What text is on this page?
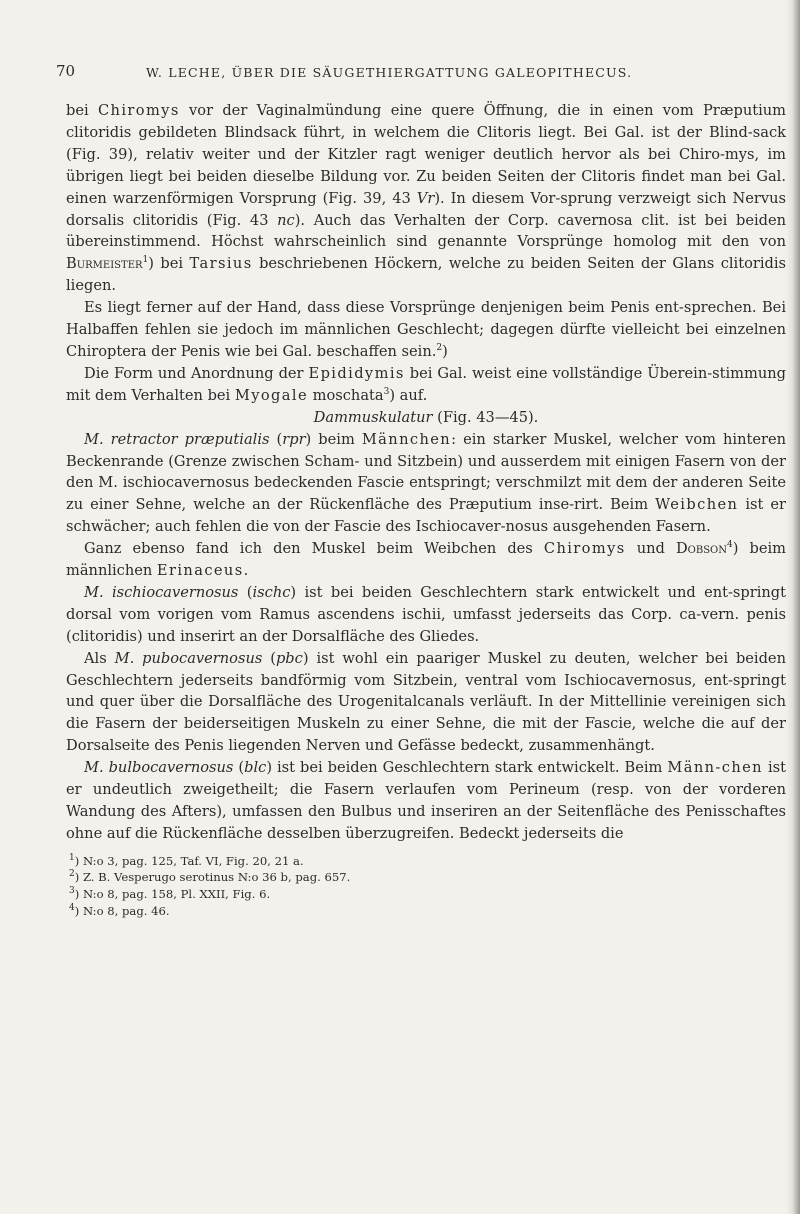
70	W. LECHE, ÜBER DIE SÄUGETHIERGATTUNG GALEOPITHECUS.

bei Chiromys vor der Vaginalmündung eine quere Öffnung, die in einen vom Præputium clitoridis gebildeten Blindsack führt, in welchem die Clitoris liegt. Bei Gal. ist der Blind-sack (Fig. 39), relativ weiter und der Kitzler ragt weniger deutlich hervor als bei Chiro-mys, im übrigen liegt bei beiden dieselbe Bildung vor. Zu beiden Seiten der Clitoris findet man bei Gal. einen warzenförmigen Vorsprung (Fig. 39, 43 Vr). In diesem Vor-sprung verzweigt sich Nervus dorsalis clitoridis (Fig. 43 nc). Auch das Verhalten der Corp. cavernosa clit. ist bei beiden übereinstimmend. Höchst wahrscheinlich sind genannte Vorsprünge homolog mit den von Burmeister$^1$) bei Tarsius beschriebenen Höckern, welche zu beiden Seiten der Glans clitoridis liegen.

Es liegt ferner auf der Hand, dass diese Vorsprünge denjenigen beim Penis ent-sprechen. Bei Halbaffen fehlen sie jedoch im männlichen Geschlecht; dagegen dürfte vielleicht bei einzelnen Chiroptera der Penis wie bei Gal. beschaffen sein.$^2$)

Die Form und Anordnung der Epididymis bei Gal. weist eine vollständige Überein-stimmung mit dem Verhalten bei Myogale moschata$^3$) auf.

Dammuskulatur (Fig. 43—45).

M. retractor præputialis (rpr) beim Männchen: ein starker Muskel, welcher vom hinteren Beckenrande (Grenze zwischen Scham- und Sitzbein) und ausserdem mit einigen Fasern von der den M. ischiocavernosus bedeckenden Fascie entspringt; verschmilzt mit dem der anderen Seite zu einer Sehne, welche an der Rückenfläche des Præputium inse-rirt. Beim Weibchen ist er schwächer; auch fehlen die von der Fascie des Ischiocaver-nosus ausgehenden Fasern.

Ganz ebenso fand ich den Muskel beim Weibchen des Chiromys und Dobson$^4$) beim männlichen Erinaceus.

M. ischiocavernosus (ischc) ist bei beiden Geschlechtern stark entwickelt und ent-springt dorsal vom vorigen vom Ramus ascendens ischii, umfasst jederseits das Corp. ca-vern. penis (clitoridis) und inserirt an der Dorsalfläche des Gliedes.

Als M. pubocavernosus (pbc) ist wohl ein paariger Muskel zu deuten, welcher bei beiden Geschlechtern jederseits bandförmig vom Sitzbein, ventral vom Ischiocavernosus, ent-springt und quer über die Dorsalfläche des Urogenitalcanals verläuft. In der Mittellinie vereinigen sich die Fasern der beiderseitigen Muskeln zu einer Sehne, die mit der Fascie, welche die auf der Dorsalseite des Penis liegenden Nerven und Gefässe bedeckt, zusammenhängt.

M. bulbocavernosus (blc) ist bei beiden Geschlechtern stark entwickelt. Beim Männ-chen ist er undeutlich zweigetheilt; die Fasern verlaufen vom Perineum (resp. von der vorderen Wandung des Afters), umfassen den Bulbus und inseriren an der Seitenfläche des Penisschaftes ohne auf die Rückenfläche desselben überzugreifen. Bedeckt jederseits die

$^1$) N:o 3, pag. 125, Taf. VI, Fig. 20, 21 a.
$^2$) Z. B. Vesperugo serotinus N:o 36 b, pag. 657.
$^3$) N:o 8, pag. 158, Pl. XXII, Fig. 6.
$^4$) N:o 8, pag. 46.
